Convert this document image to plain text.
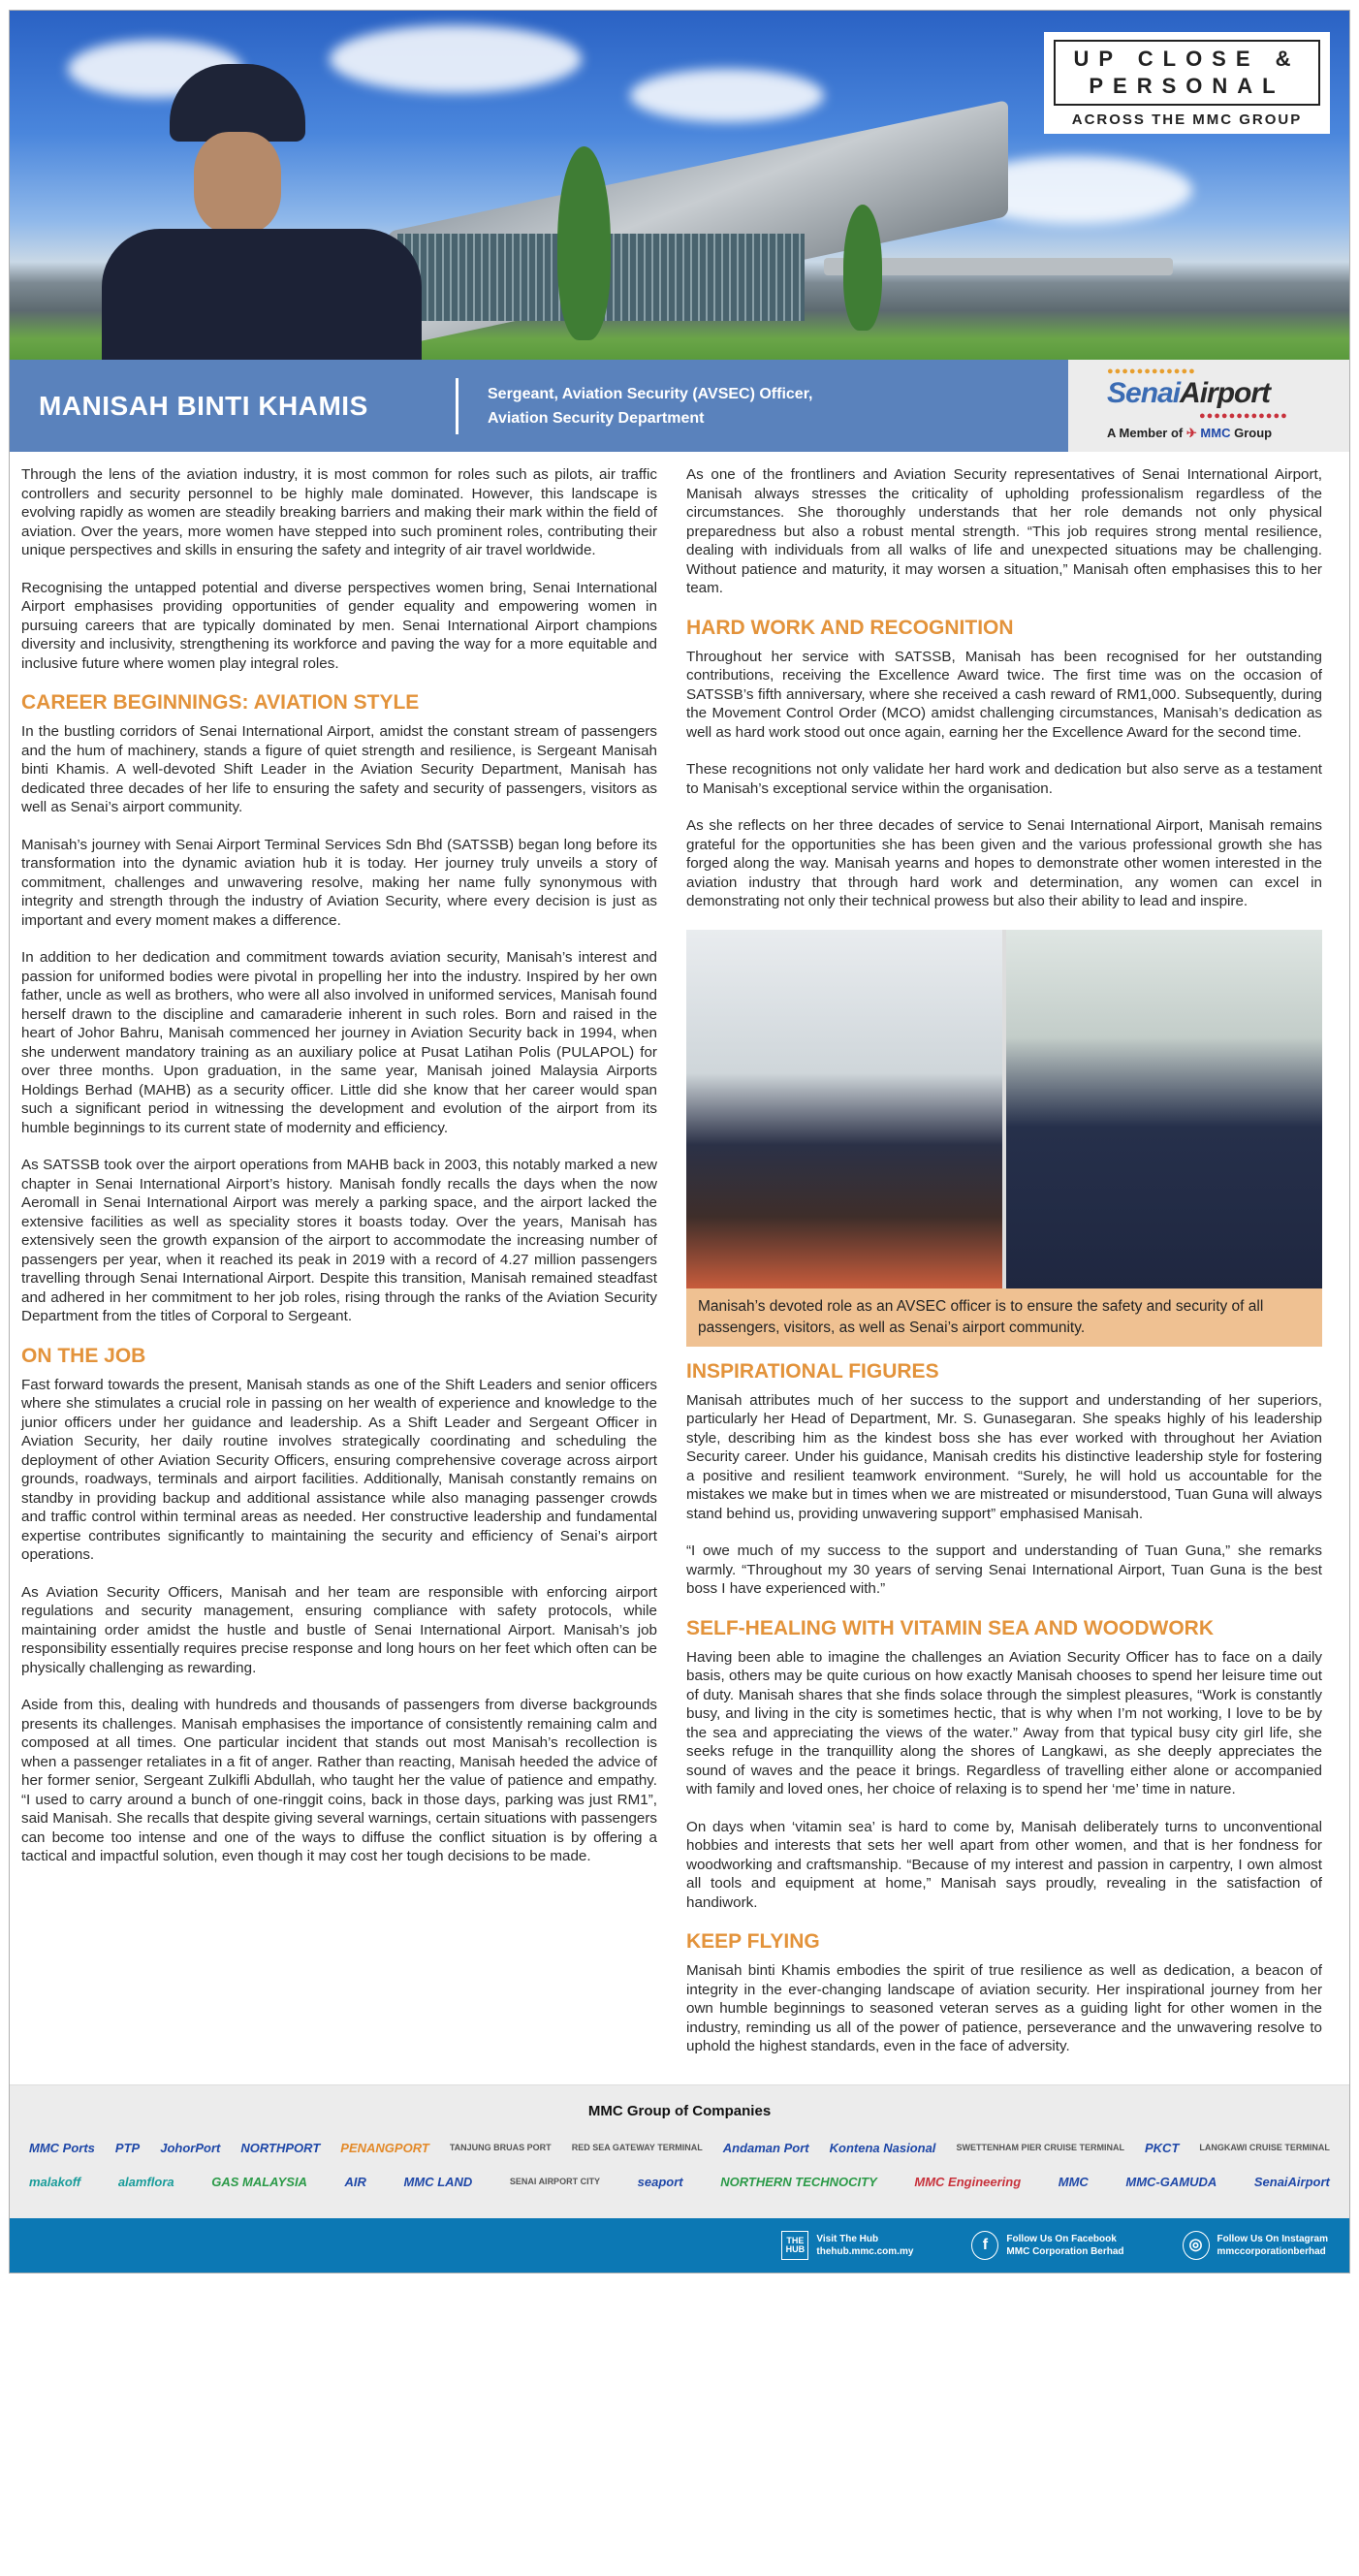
UP CLOSE &
PERSONAL
ACROSS THE MMC GROUP
MANISAH BINTI KHAMIS	Sergeant, Aviation Security (AVSEC) Officer,
Aviation Security Department
●●●●●●●●●●●●
SenaiAirport
●●●●●●●●●●●●
A Member of ✈ MMC Group

Through the lens of the aviation industry, it is most common for roles such as pilots, air traffic controllers and security personnel to be highly male dominated. However, this landscape is evolving rapidly as women are steadily breaking barriers and making their mark within the field of aviation. Over the years, more women have stepped into such prominent roles, contributing their unique perspectives and skills in ensuring the safety and integrity of air travel worldwide.

Recognising the untapped potential and diverse perspectives women bring, Senai International Airport emphasises providing opportunities of gender equality and empowering women in pursuing careers that are typically dominated by men. Senai International Airport champions diversity and inclusivity, strengthening its workforce and paving the way for a more equitable and inclusive future where women play integral roles.

CAREER BEGINNINGS: AVIATION STYLE

In the bustling corridors of Senai International Airport, amidst the constant stream of passengers and the hum of machinery, stands a figure of quiet strength and resilience, is Sergeant Manisah binti Khamis. A well-devoted Shift Leader in the Aviation Security Department, Manisah has dedicated three decades of her life to ensuring the safety and security of passengers, visitors as well as Senai’s airport community.

Manisah’s journey with Senai Airport Terminal Services Sdn Bhd (SATSSB) began long before its transformation into the dynamic aviation hub it is today. Her journey truly unveils a story of commitment, challenges and unwavering resolve, making her name fully synonymous with integrity and strength through the industry of Aviation Security, where every decision is just as important and every moment makes a difference.

In addition to her dedication and commitment towards aviation security, Manisah’s interest and passion for uniformed bodies were pivotal in propelling her into the industry. Inspired by her own father, uncle as well as brothers, who were all also involved in uniformed services, Manisah found herself drawn to the discipline and camaraderie inherent in such roles. Born and raised in the heart of Johor Bahru, Manisah commenced her journey in Aviation Security back in 1994, when she underwent mandatory training as an auxiliary police at Pusat Latihan Polis (PULAPOL) for over three months. Upon graduation, in the same year, Manisah joined Malaysia Airports Holdings Berhad (MAHB) as a security officer. Little did she know that her career would span such a significant period in witnessing the development and evolution of the airport from its humble beginnings to its current state of modernity and efficiency.

As SATSSB took over the airport operations from MAHB back in 2003, this notably marked a new chapter in Senai International Airport’s history. Manisah fondly recalls the days when the now Aeromall in Senai International Airport was merely a parking space, and the airport lacked the extensive facilities as well as speciality stores it boasts today. Over the years, Manisah has extensively seen the growth expansion of the airport to accommodate the increasing number of passengers per year, when it reached its peak in 2019 with a record of 4.27 million passengers travelling through Senai International Airport. Despite this transition, Manisah remained steadfast and adhered in her commitment to her job roles, rising through the ranks of the Aviation Security Department from the titles of Corporal to Sergeant.

ON THE JOB

Fast forward towards the present, Manisah stands as one of the Shift Leaders and senior officers where she stimulates a crucial role in passing on her wealth of experience and knowledge to the junior officers under her guidance and leadership. As a Shift Leader and Sergeant Officer in Aviation Security, her daily routine involves strategically coordinating and scheduling the deployment of other Aviation Security Officers, ensuring comprehensive coverage across airport grounds, roadways, terminals and airport facilities. Additionally, Manisah constantly remains on standby in providing backup and additional assistance while also managing passenger crowds and traffic control within terminal areas as needed. Her constructive leadership and fundamental expertise contributes significantly to maintaining the security and efficiency of Senai’s airport operations.

As Aviation Security Officers, Manisah and her team are responsible with enforcing airport regulations and security management, ensuring compliance with safety protocols, while maintaining order amidst the hustle and bustle of Senai International Airport. Manisah’s job responsibility essentially requires precise response and long hours on her feet which often can be physically challenging as rewarding.

Aside from this, dealing with hundreds and thousands of passengers from diverse backgrounds presents its challenges. Manisah emphasises the importance of consistently remaining calm and composed at all times. One particular incident that stands out most Manisah’s recollection is when a passenger retaliates in a fit of anger. Rather than reacting, Manisah heeded the advice of her former senior, Sergeant Zulkifli Abdullah, who taught her the value of patience and empathy. “I used to carry around a bunch of one-ringgit coins, back in those days, parking was just RM1”, said Manisah. She recalls that despite giving several warnings, certain situations with passengers can become too intense and one of the ways to diffuse the conflict situation is by offering a tactical and impactful solution, even though it may cost her tough decisions to be made.

As one of the frontliners and Aviation Security representatives of Senai International Airport, Manisah always stresses the criticality of upholding professionalism regardless of the circumstances. She thoroughly understands that her role demands not only physical preparedness but also a robust mental strength. “This job requires strong mental resilience, dealing with individuals from all walks of life and unexpected situations may be challenging. Without patience and maturity, it may worsen a situation,” Manisah often emphasises this to her team.

HARD WORK AND RECOGNITION

Throughout her service with SATSSB, Manisah has been recognised for her outstanding contributions, receiving the Excellence Award twice. The first time was on the occasion of SATSSB’s fifth anniversary, where she received a cash reward of RM1,000. Subsequently, during the Movement Control Order (MCO) amidst challenging circumstances, Manisah’s dedication as well as hard work stood out once again, earning her the Excellence Award for the second time.

These recognitions not only validate her hard work and dedication but also serve as a testament to Manisah’s exceptional service within the organisation.

As she reflects on her three decades of service to Senai International Airport, Manisah remains grateful for the opportunities she has been given and the various professional growth she has forged along the way. Manisah yearns and hopes to demonstrate other women interested in the aviation industry that through hard work and determination, any women can excel in demonstrating not only their technical prowess but also their ability to lead and inspire.

Manisah’s devoted role as an AVSEC officer is to ensure the safety and security of all passengers, visitors, as well as Senai’s airport community.
INSPIRATIONAL FIGURES

Manisah attributes much of her success to the support and understanding of her superiors, particularly her Head of Department, Mr. S. Gunasegaran. She speaks highly of his leadership style, describing him as the kindest boss she has ever worked with throughout her Aviation Security career. Under his guidance, Manisah credits his distinctive leadership style for fostering a positive and resilient teamwork environment. “Surely, he will hold us accountable for the mistakes we make but in times when we are mistreated or misunderstood, Tuan Guna will always stand behind us, providing unwavering support” emphasised Manisah.

“I owe much of my success to the support and understanding of Tuan Guna,” she remarks warmly. “Throughout my 30 years of serving Senai International Airport, Tuan Guna is the best boss I have experienced with.”

SELF-HEALING WITH VITAMIN SEA AND WOODWORK

Having been able to imagine the challenges an Aviation Security Officer has to face on a daily basis, others may be quite curious on how exactly Manisah chooses to spend her leisure time out of duty. Manisah shares that she finds solace through the simplest pleasures, “Work is constantly busy, and living in the city is sometimes hectic, that is why when I’m not working, I love to be by the sea and appreciating the views of the water.” Away from that typical busy city girl life, she seeks refuge in the tranquillity along the shores of Langkawi, as she deeply appreciates the sound of waves and the peace it brings. Regardless of travelling either alone or accompanied with family and loved ones, her choice of relaxing is to spend her ‘me’ time in nature.

On days when ‘vitamin sea’ is hard to come by, Manisah deliberately turns to unconventional hobbies and interests that sets her well apart from other women, and that is her fondness for woodworking and craftsmanship. “Because of my interest and passion in carpentry, I own almost all tools and equipment at home,” Manisah says proudly, revealing in the satisfaction of handiwork.

KEEP FLYING

Manisah binti Khamis embodies the spirit of true resilience as well as dedication, a beacon of integrity in the ever-changing landscape of aviation security. Her inspirational journey from her own humble beginnings to seasoned veteran serves as a guiding light for other women in the industry, reminding us all of the power of patience, perseverance and the unwavering resolve to uphold the highest standards, even in the face of adversity.

MMC Group of Companies
MMC Ports PTP JohorPort NORTHPORT PENANGPORT TANJUNG BRUAS PORT RED SEA GATEWAY TERMINAL Andaman Port Kontena Nasional SWETTENHAM PIER CRUISE TERMINAL PKCT LANGKAWI CRUISE TERMINAL
malakoff	alamflora	GAS MALAYSIA	AIR	MMC LAND	SENAI AIRPORT CITY	seaport	NORTHERN TECHNOCITY	MMC Engineering	MMC	MMC-GAMUDA	SenaiAirport
THE HUB
Visit The Hub
thehub.mmc.com.my	f	Follow Us On Facebook
MMC Corporation Berhad	◎	Follow Us On Instagram
mmccorporationberhad
